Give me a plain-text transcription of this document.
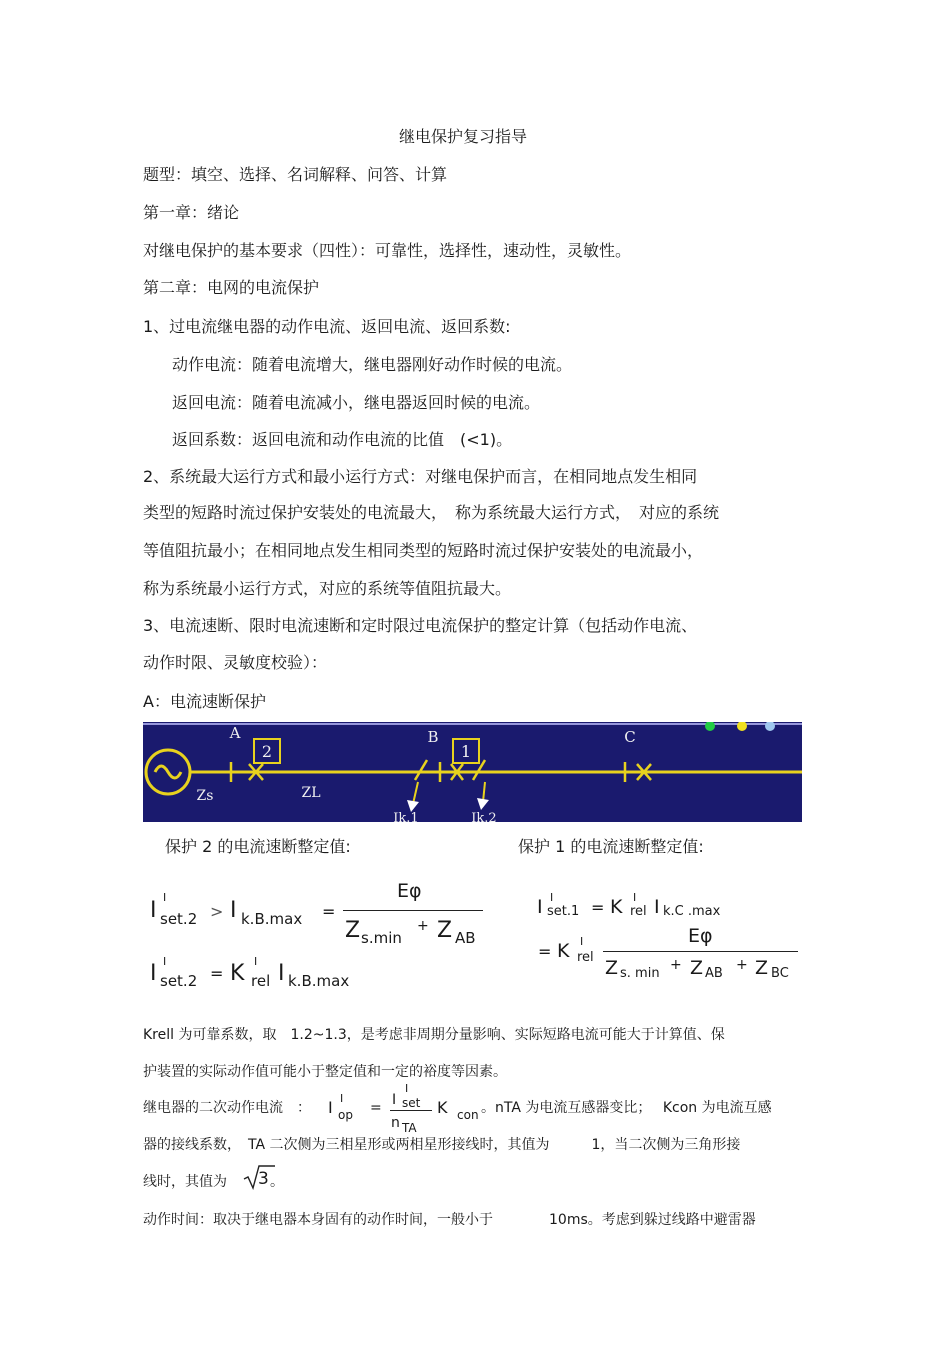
继电保护复习指导
题型：填空、选择、名词解释、问答、计算
第一章：绪论
对继电保护的基本要求（四性）：可靠性，选择性，速动性，灵敏性。
第二章：电网的电流保护
1、过电流继电器的动作电流、返回电流、返回系数:
动作电流：随着电流增大，继电器刚好动作时候的电流。
返回电流：随着电流减小，继电器返回时候的电流。
返回系数：返回电流和动作电流的比值　(<1)。
2、系统最大运行方式和最小运行方式：对继电保护而言，在相同地点发生相同
类型的短路时流过保护安装处的电流最大，　称为系统最大运行方式，　对应的系统
等值阻抗最小；在相同地点发生相同类型的短路时流过保护安装处的电流最小，
称为系统最小运行方式，对应的系统等值阻抗最大。
3、电流速断、限时电流速断和定时限过电流保护的整定计算（包括动作电流、
动作时限、灵敏度校验）：
A：电流速断保护
2
A
Zs	ZL
1
B
Ik.1	Ik.2
C
保护 2 的电流速断整定值:	保护 1 的电流速断整定值:
I
I
set.2 > I k.B.max =
Eφ
Z s.min
+ Z AB
I I
set.2 = K I
rel I k.B.max
I I
set.1 = K I
rel I k.C .max
= K I
rel
Eφ
Z s. min
+ Z AB
+ Z BC
Krell 为可靠系数，取　1.2~1.3，是考虑非周期分量影响、实际短路电流可能大于计算值、保
护装置的实际动作值可能小于整定值和一定的裕度等因素。
继电器的二次动作电流　： I I
op = I
I
set
n TA
K con 。nTA 为电流互感器变比；　 Kcon 为电流互感
器的接线系数，　TA 二次侧为三相星形或两相星形接线时，其值为　　　1，当二次侧为三角形接
线时，其值为 3 。
动作时间：取决于继电器本身固有的动作时间，一般小于　　　　10ms。考虑到躲过线路中避雷器
